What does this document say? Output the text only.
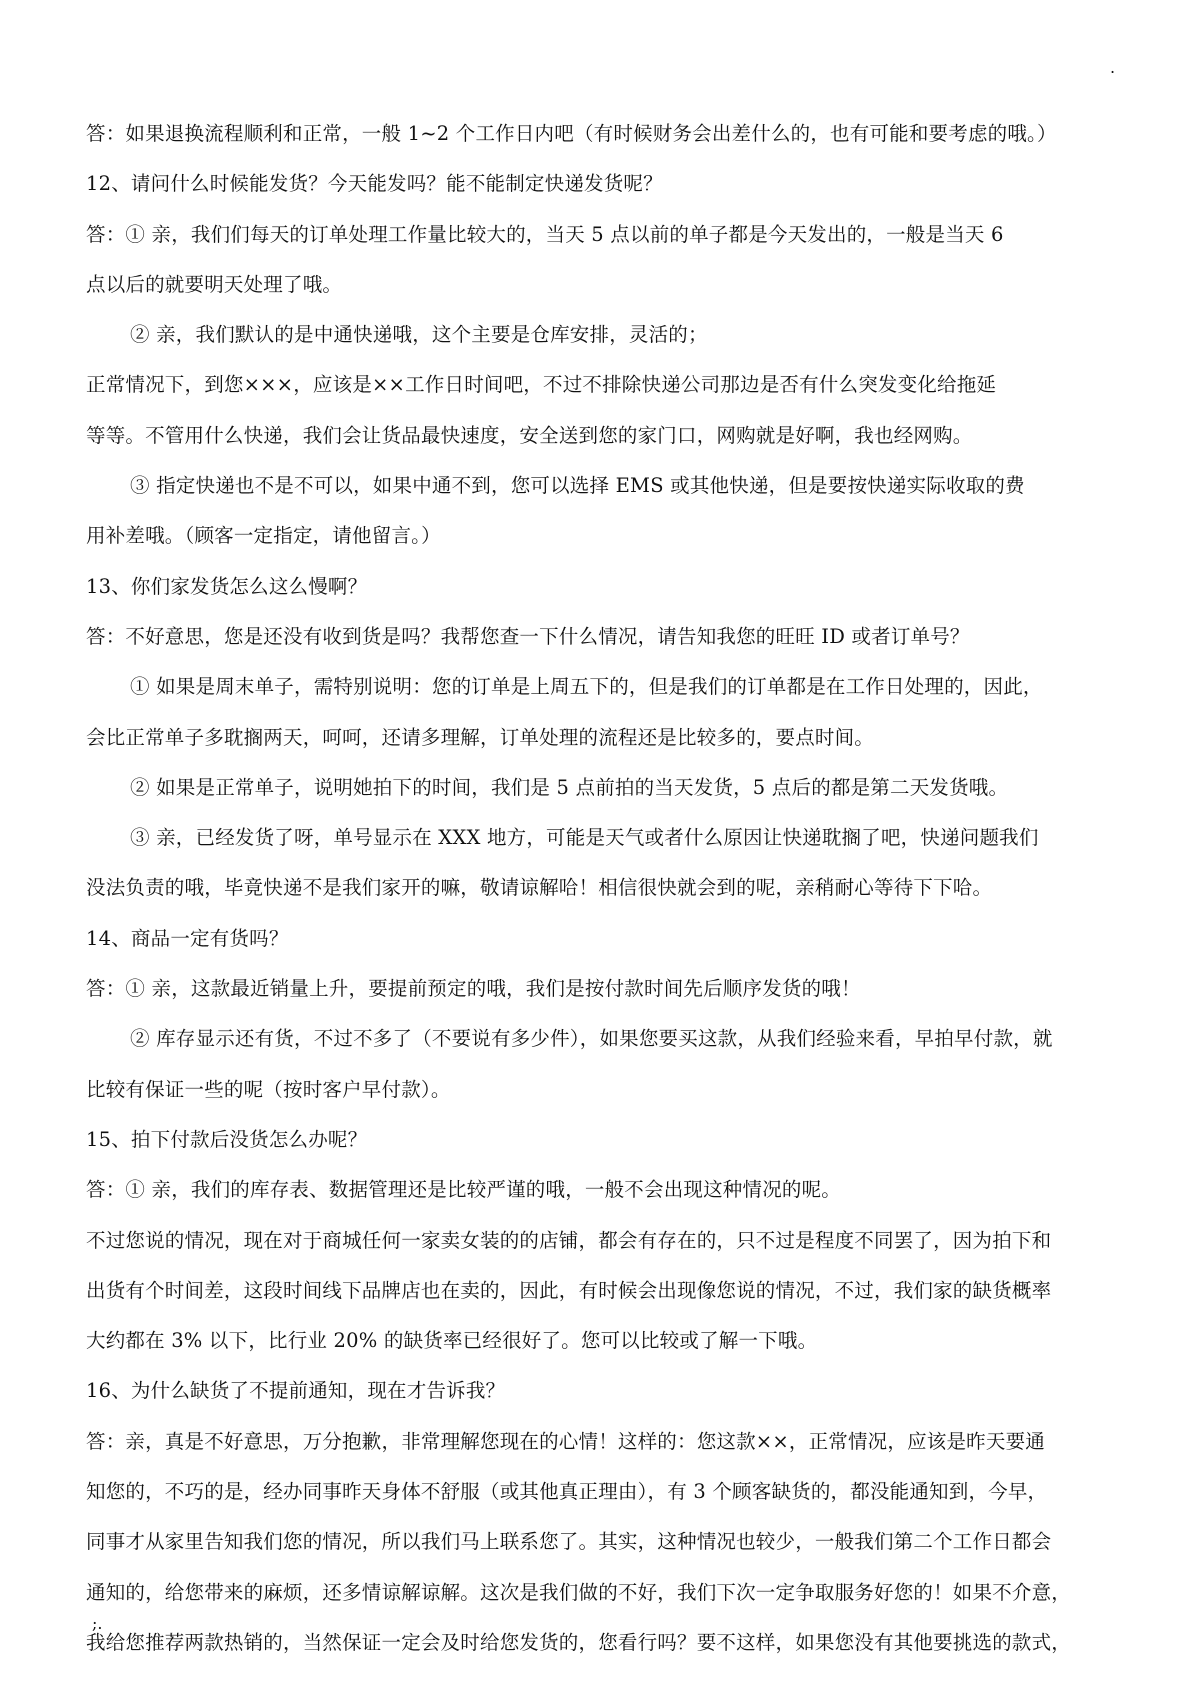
.
答：如果退换流程顺利和正常，一般 1~2 个工作日内吧（有时候财务会出差什么的，也有可能和要考虑的哦。）
12、请问什么时候能发货？今天能发吗？能不能制定快递发货呢？
答：① 亲，我们们每天的订单处理工作量比较大的，当天 5 点以前的单子都是今天发出的，一般是当天 6
点以后的就要明天处理了哦。
② 亲，我们默认的是中通快递哦，这个主要是仓库安排，灵活的；
正常情况下，到您×××，应该是××工作日时间吧，不过不排除快递公司那边是否有什么突发变化给拖延
等等。不管用什么快递，我们会让货品最快速度，安全送到您的家门口，网购就是好啊，我也经网购。
③ 指定快递也不是不可以，如果中通不到，您可以选择 EMS 或其他快递，但是要按快递实际收取的费
用补差哦。（顾客一定指定，请他留言。）
13、你们家发货怎么这么慢啊？
答：不好意思，您是还没有收到货是吗？我帮您查一下什么情况，请告知我您的旺旺 ID 或者订单号？
① 如果是周末单子，需特别说明：您的订单是上周五下的，但是我们的订单都是在工作日处理的，因此，
会比正常单子多耽搁两天，呵呵，还请多理解，订单处理的流程还是比较多的，要点时间。
② 如果是正常单子，说明她拍下的时间，我们是 5 点前拍的当天发货，5 点后的都是第二天发货哦。
③ 亲，已经发货了呀，单号显示在 XXX 地方，可能是天气或者什么原因让快递耽搁了吧，快递问题我们
没法负责的哦，毕竟快递不是我们家开的嘛，敬请谅解哈！相信很快就会到的呢，亲稍耐心等待下下哈。
14、商品一定有货吗？
答：① 亲，这款最近销量上升，要提前预定的哦，我们是按付款时间先后顺序发货的哦！
② 库存显示还有货，不过不多了（不要说有多少件），如果您要买这款，从我们经验来看，早拍早付款，就
比较有保证一些的呢（按时客户早付款）。
15、拍下付款后没货怎么办呢？
答：① 亲，我们的库存表、数据管理还是比较严谨的哦，一般不会出现这种情况的呢。
不过您说的情况，现在对于商城任何一家卖女装的的店铺，都会有存在的，只不过是程度不同罢了，因为拍下和
出货有个时间差，这段时间线下品牌店也在卖的，因此，有时候会出现像您说的情况，不过，我们家的缺货概率
大约都在 3% 以下，比行业 20% 的缺货率已经很好了。您可以比较或了解一下哦。
16、为什么缺货了不提前通知，现在才告诉我？
答：亲，真是不好意思，万分抱歉，非常理解您现在的心情！这样的：您这款××，正常情况，应该是昨天要通
知您的，不巧的是，经办同事昨天身体不舒服（或其他真正理由），有 3 个顾客缺货的，都没能通知到，今早，
同事才从家里告知我们您的情况，所以我们马上联系您了。其实，这种情况也较少，一般我们第二个工作日都会
通知的，给您带来的麻烦，还多情谅解谅解。这次是我们做的不好，我们下次一定争取服务好您的！如果不介意，
我给您推荐两款热销的，当然保证一定会及时给您发货的，您看行吗？要不这样，如果您没有其他要挑选的款式，
;.
